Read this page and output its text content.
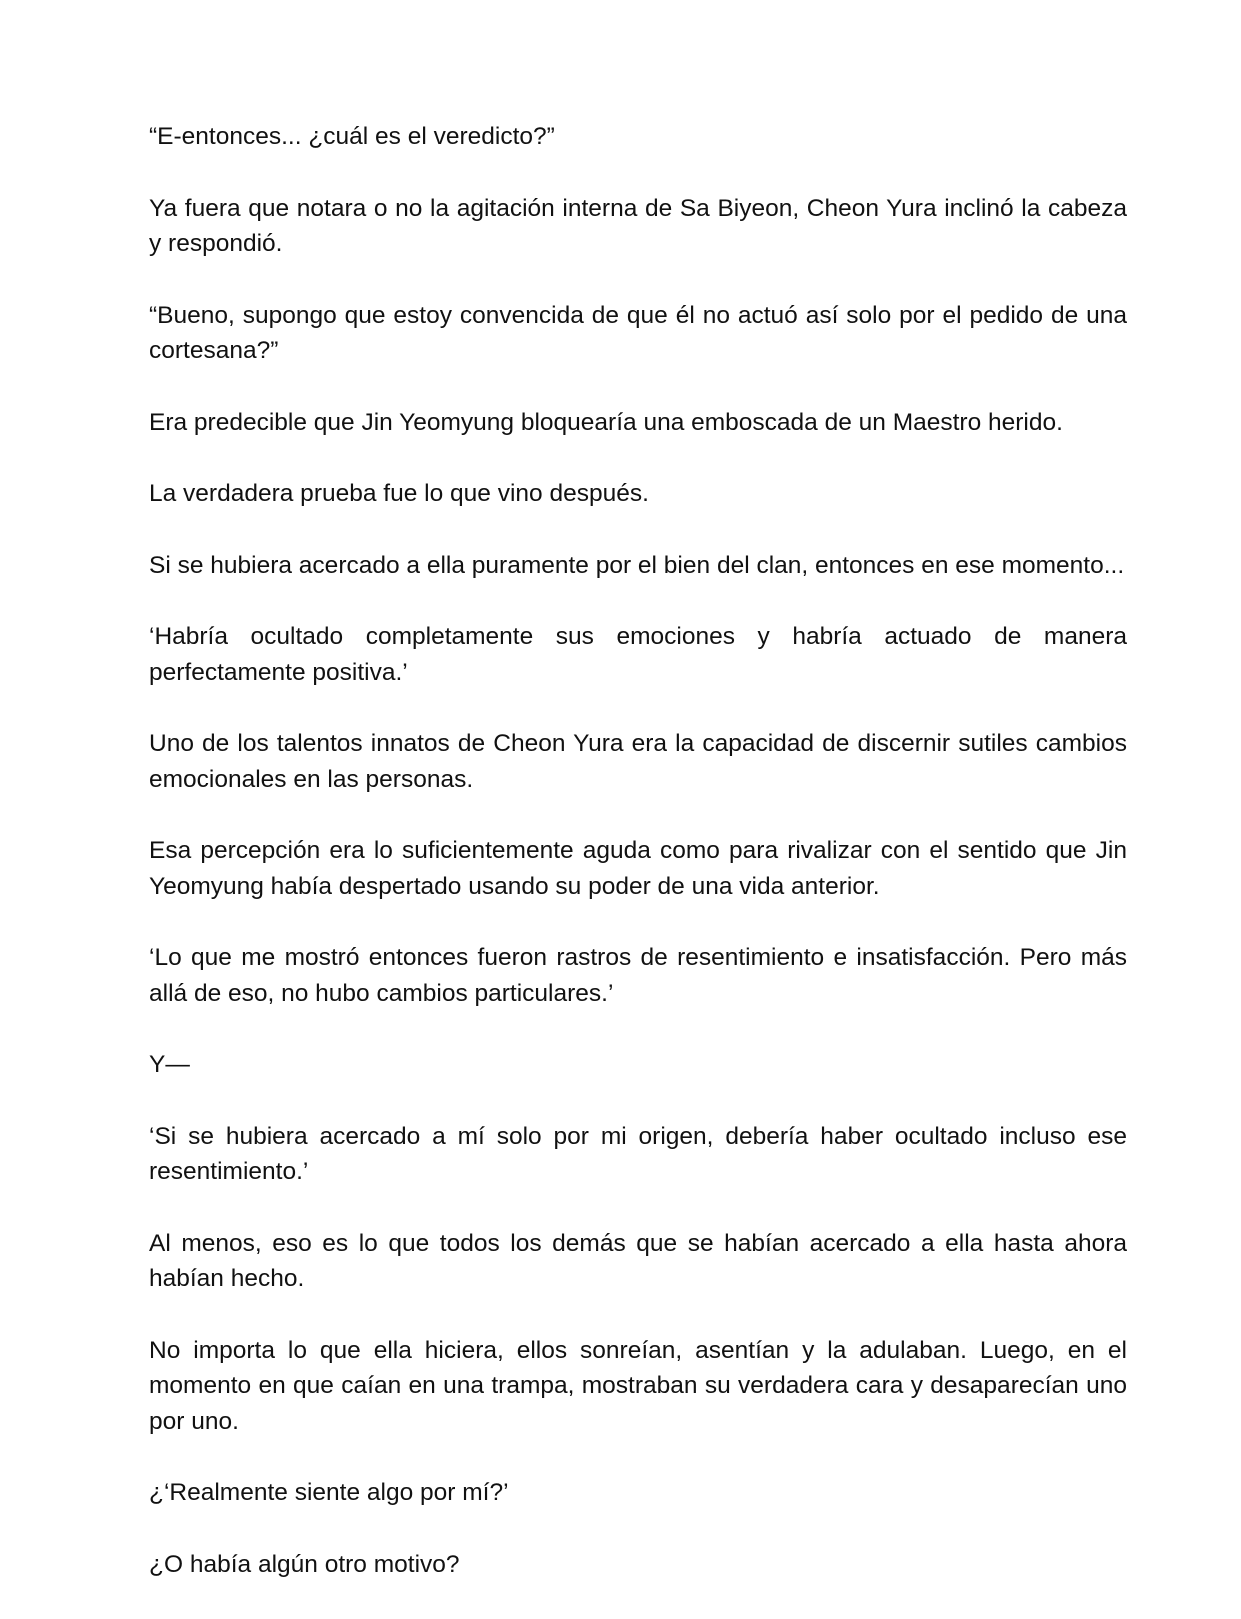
“E-entonces... ¿cuál es el veredicto?”

Ya fuera que notara o no la agitación interna de Sa Biyeon, Cheon Yura inclinó la cabeza y respondió.

“Bueno, supongo que estoy convencida de que él no actuó así solo por el pedido de una cortesana?”

Era predecible que Jin Yeomyung bloquearía una emboscada de un Maestro herido.

La verdadera prueba fue lo que vino después.

Si se hubiera acercado a ella puramente por el bien del clan, entonces en ese momento...

‘Habría ocultado completamente sus emociones y habría actuado de manera perfectamente positiva.’

Uno de los talentos innatos de Cheon Yura era la capacidad de discernir sutiles cambios emocionales en las personas.

Esa percepción era lo suficientemente aguda como para rivalizar con el sentido que Jin Yeomyung había despertado usando su poder de una vida anterior.

‘Lo que me mostró entonces fueron rastros de resentimiento e insatisfacción. Pero más allá de eso, no hubo cambios particulares.’

Y—

‘Si se hubiera acercado a mí solo por mi origen, debería haber ocultado incluso ese resentimiento.’

Al menos, eso es lo que todos los demás que se habían acercado a ella hasta ahora habían hecho.

No importa lo que ella hiciera, ellos sonreían, asentían y la adulaban. Luego, en el momento en que caían en una trampa, mostraban su verdadera cara y desaparecían uno por uno.

¿‘Realmente siente algo por mí?’

¿O había algún otro motivo?
